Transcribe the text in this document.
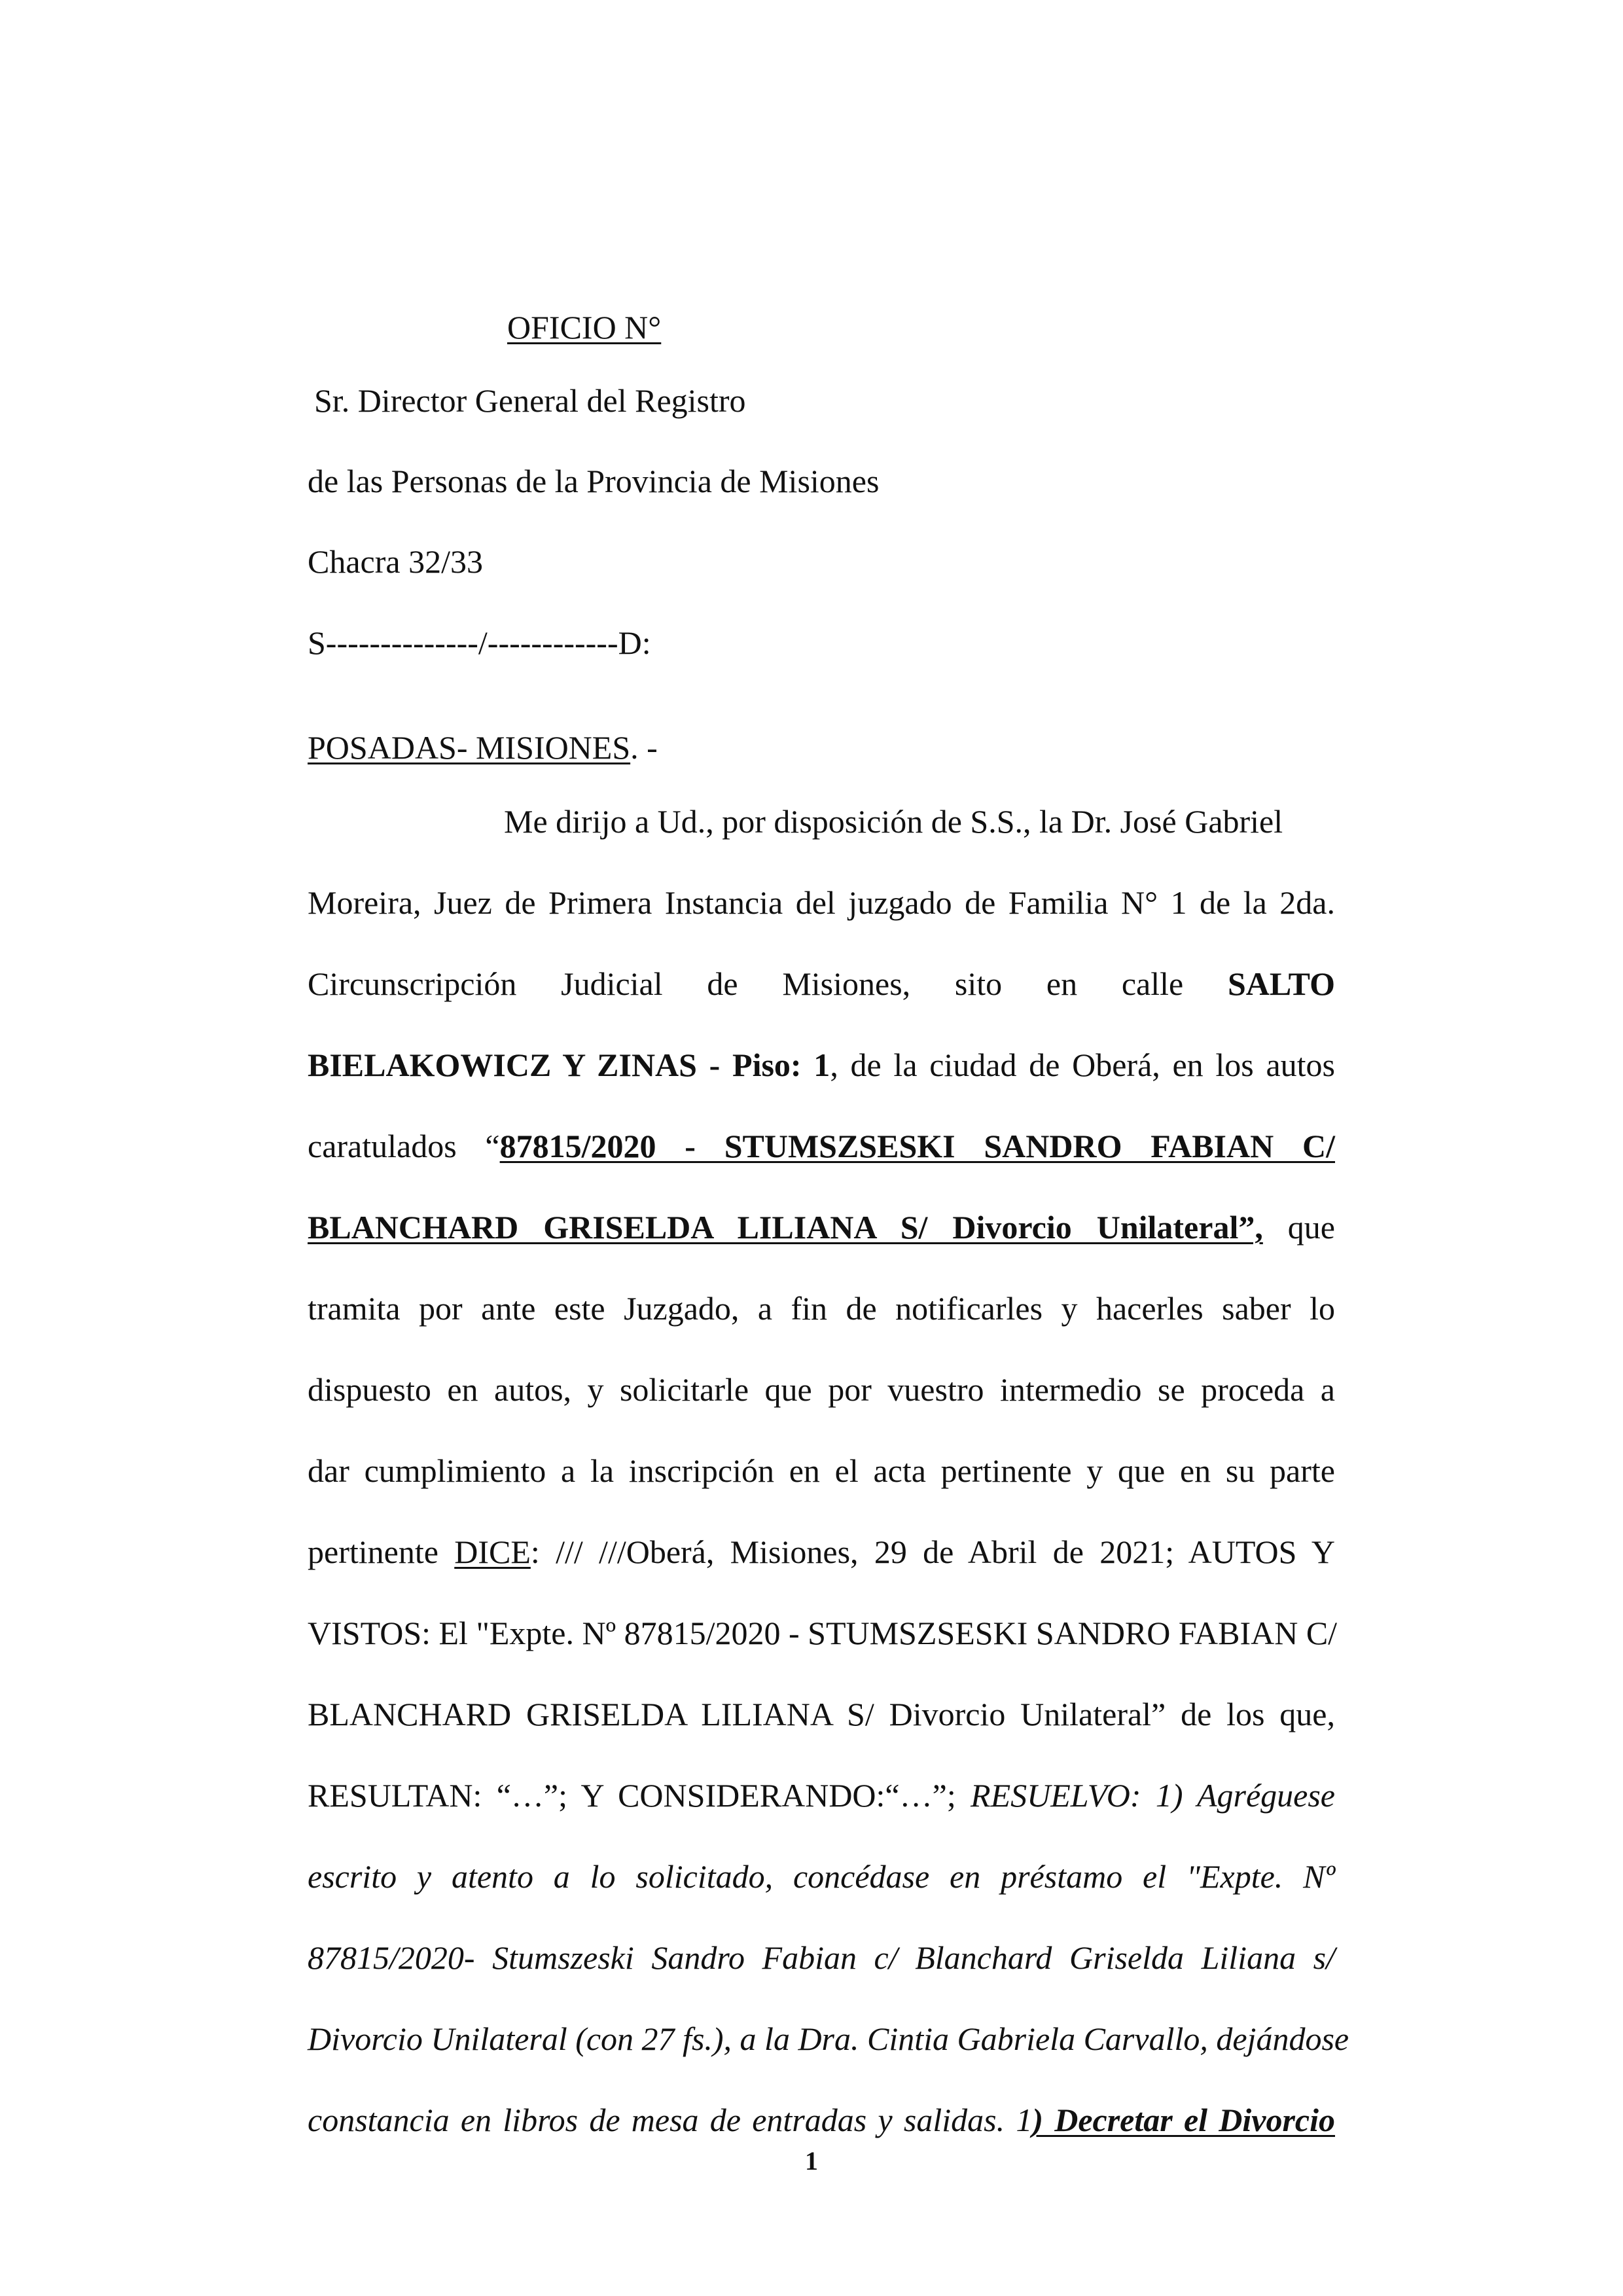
OFICIO N°
Sr. Director General del Registro
de las Personas de la Provincia de Misiones
Chacra 32/33
S--------------/------------D:
POSADAS- MISIONES. -
Me dirijo a Ud., por disposición de S.S., la Dr. José Gabriel
Moreira, Juez de Primera Instancia del juzgado de Familia N° 1 de la 2da.
Circunscripción Judicial de Misiones, sito en calle SALTO
BIELAKOWICZ Y ZINAS - Piso: 1, de la ciudad de Oberá, en los autos
caratulados “87815/2020 - STUMSZSESKI SANDRO FABIAN C/
BLANCHARD GRISELDA LILIANA S/ Divorcio Unilateral”, que
tramita por ante este Juzgado, a fin de notificarles y hacerles saber lo
dispuesto en autos, y solicitarle que por vuestro intermedio se proceda a
dar cumplimiento a la inscripción en el acta pertinente y que en su parte
pertinente DICE: /// ///Oberá, Misiones, 29 de Abril de 2021; AUTOS Y
VISTOS: El "Expte. Nº 87815/2020 - STUMSZSESKI SANDRO FABIAN C/
BLANCHARD GRISELDA LILIANA S/ Divorcio Unilateral” de los que,
RESULTAN: “…”; Y CONSIDERANDO:“…”; RESUELVO: 1) Agréguese
escrito y atento a lo solicitado, concédase en préstamo el "Expte. Nº
87815/2020- Stumszeski Sandro Fabian c/ Blanchard Griselda Liliana s/
Divorcio Unilateral (con 27 fs.), a la Dra. Cintia Gabriela Carvallo, dejándose
constancia en libros de mesa de entradas y salidas. 1) Decretar el Divorcio
1
